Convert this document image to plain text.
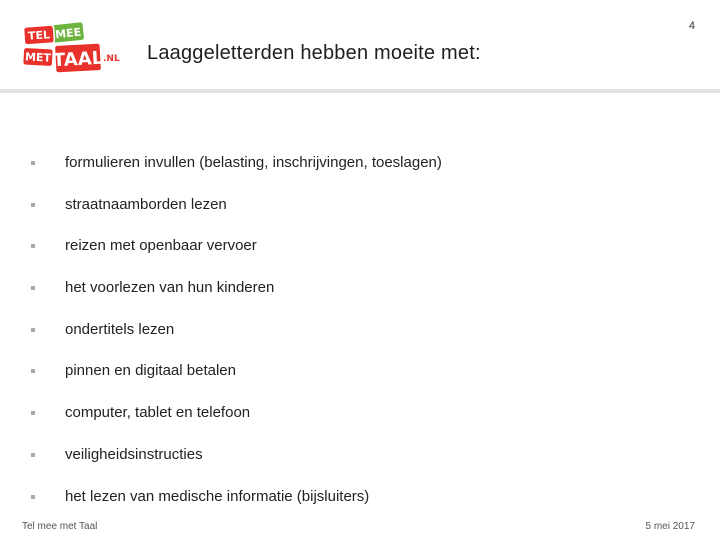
MEE
TEL
MET TAAL .NL Laaggeletterden hebben moeite met:
4
formulieren invullen (belasting, inschrijvingen, toeslagen)
straatnaamborden lezen
reizen met openbaar vervoer
het voorlezen van hun kinderen
ondertitels lezen
pinnen en digitaal betalen
computer, tablet en telefoon
veiligheidsinstructies
het lezen van medische informatie (bijsluiters)
Tel mee met Taal	5 mei 2017
